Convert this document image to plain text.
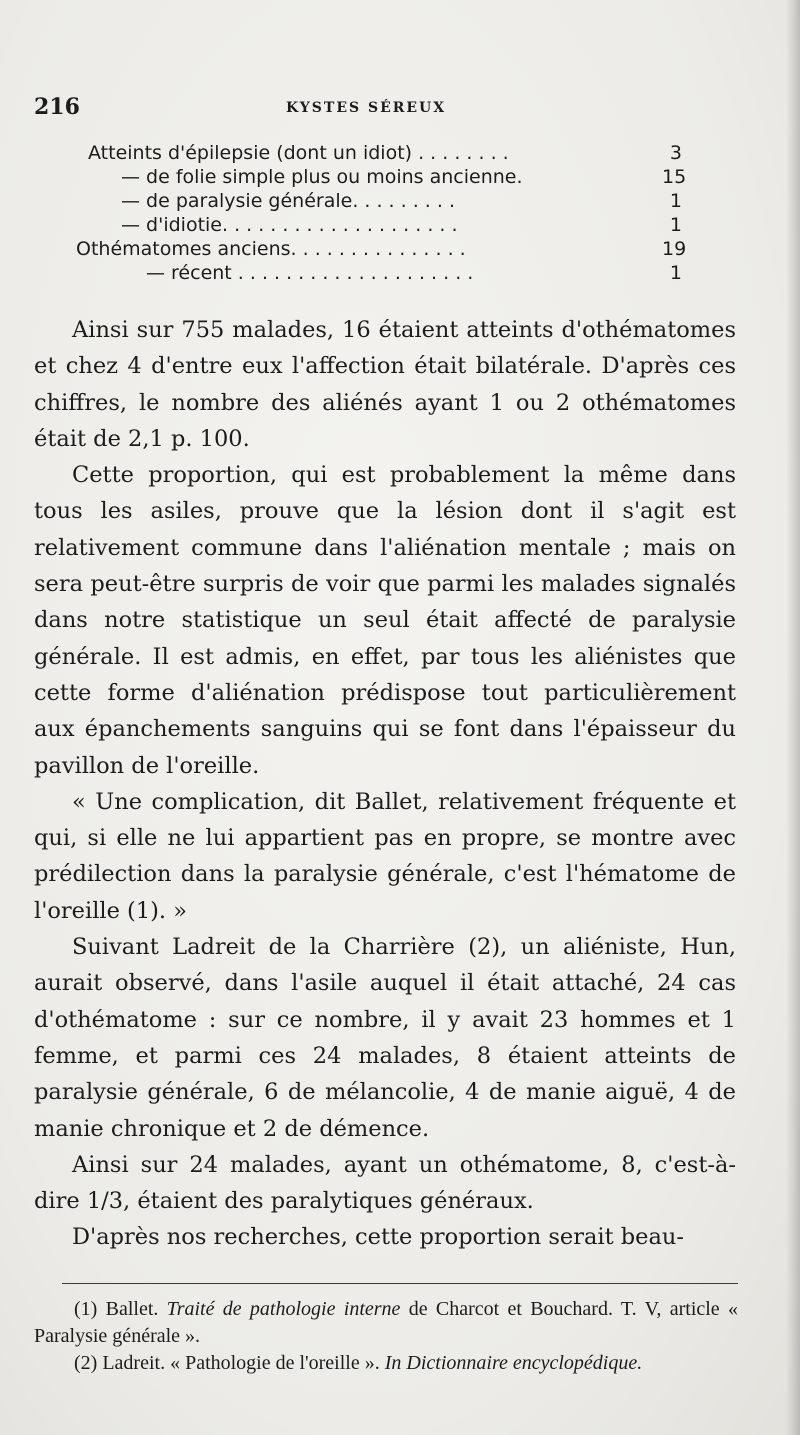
216	KYSTES SÉREUX
Atteints d'épilepsie (dont un idiot) . . . . . . . .	3
— de folie simple plus ou moins ancienne.	15
— de paralysie générale. . . . . . . . .	1
— d'idiotie. . . . . . . . . . . . . . . . . . . .	1
Othématomes anciens. . . . . . . . . . . . . . .	19
— récent . . . . . . . . . . . . . . . . . . . .	1

Ainsi sur 755 malades, 16 étaient atteints d'othématomes et chez 4 d'entre eux l'affection était bilatérale. D'après ces chiffres, le nombre des aliénés ayant 1 ou 2 othématomes était de 2,1 p. 100.

Cette proportion, qui est probablement la même dans tous les asiles, prouve que la lésion dont il s'agit est relativement commune dans l'aliénation mentale ; mais on sera peut-être surpris de voir que parmi les malades signalés dans notre statistique un seul était affecté de paralysie générale. Il est admis, en effet, par tous les aliénistes que cette forme d'aliénation prédispose tout particulièrement aux épanchements sanguins qui se font dans l'épaisseur du pavillon de l'oreille.

« Une complication, dit Ballet, relativement fréquente et qui, si elle ne lui appartient pas en propre, se montre avec prédilection dans la paralysie générale, c'est l'hématome de l'oreille (1). »

Suivant Ladreit de la Charrière (2), un aliéniste, Hun, aurait observé, dans l'asile auquel il était attaché, 24 cas d'othématome : sur ce nombre, il y avait 23 hommes et 1 femme, et parmi ces 24 malades, 8 étaient atteints de paralysie générale, 6 de mélancolie, 4 de manie aiguë, 4 de manie chronique et 2 de démence.

Ainsi sur 24 malades, ayant un othématome, 8, c'est-à-dire 1/3, étaient des paralytiques généraux.

D'après nos recherches, cette proportion serait beau-

(1) Ballet. Traité de pathologie interne de Charcot et Bouchard. T. V, article « Paralysie générale ».

(2) Ladreit. « Pathologie de l'oreille ». In Dictionnaire encyclopédique.
